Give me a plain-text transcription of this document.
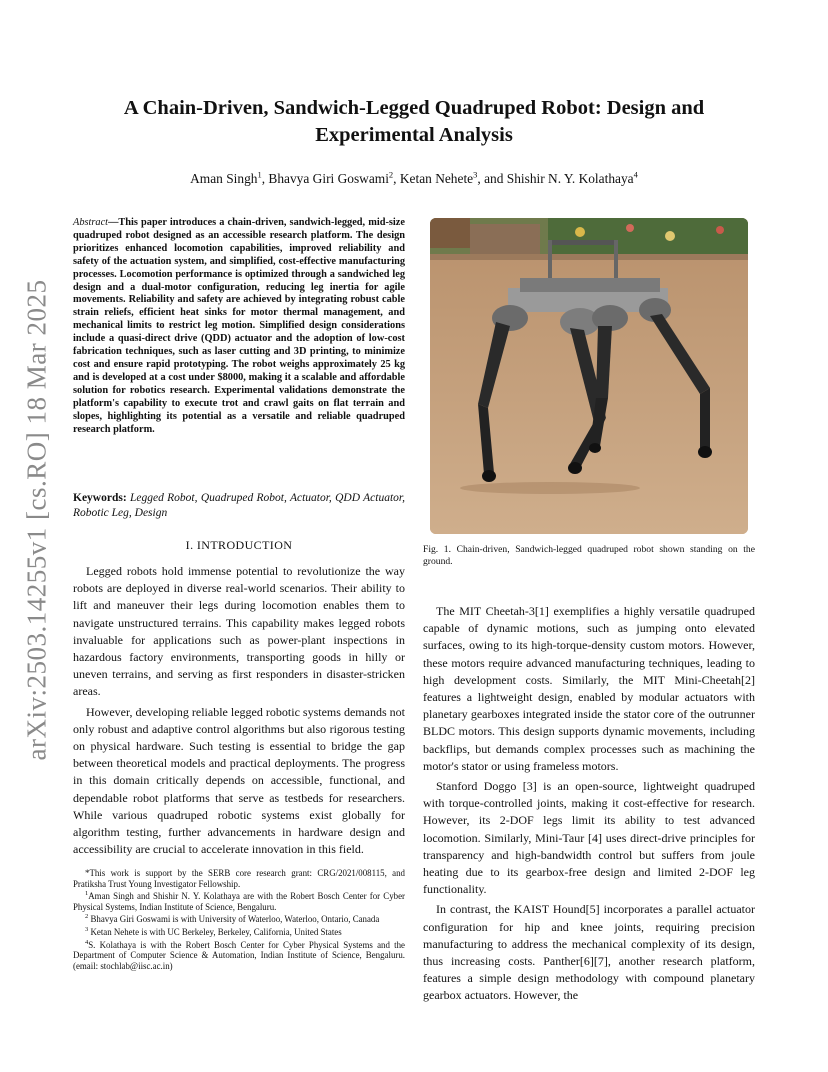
arXiv:2503.14255v1 [cs.RO] 18 Mar 2025
A Chain-Driven, Sandwich-Legged Quadruped Robot: Design and
Experimental Analysis
Aman Singh$^1$, Bhavya Giri Goswami$^2$, Ketan Nehete$^3$, and Shishir N. Y. Kolathaya$^4$
Abstract—This paper introduces a chain-driven, sandwich-legged, mid-size quadruped robot designed as an accessible research platform. The design prioritizes enhanced locomotion capabilities, improved reliability and safety of the actuation system, and simplified, cost-effective manufacturing processes. Locomotion performance is optimized through a sandwiched leg design and a dual-motor configuration, reducing leg inertia for agile movements. Reliability and safety are achieved by integrating robust cable strain reliefs, efficient heat sinks for motor thermal management, and mechanical limits to restrict leg motion. Simplified design considerations include a quasi-direct drive (QDD) actuator and the adoption of low-cost fabrication techniques, such as laser cutting and 3D printing, to minimize cost and ensure rapid prototyping. The robot weighs approximately 25 kg and is developed at a cost under $8000, making it a scalable and affordable solution for robotics research. Experimental validations demonstrate the platform's capability to execute trot and crawl gaits on flat terrain and slopes, highlighting its potential as a versatile and reliable quadruped research platform.
Keywords: Legged Robot, Quadruped Robot, Actuator, QDD Actuator, Robotic Leg, Design
I. INTRODUCTION

Legged robots hold immense potential to revolutionize the way robots are deployed in diverse real-world scenarios. Their ability to lift and maneuver their legs during locomotion enables them to navigate unstructured terrains. This capability makes legged robots invaluable for applications such as power-plant inspections in hazardous factory environments, transporting goods in hilly or uneven terrains, and serving as first responders in disaster-stricken areas.

However, developing reliable legged robotic systems demands not only robust and adaptive control algorithms but also rigorous testing on physical hardware. Such testing is essential to bridge the gap between theoretical models and practical deployments. The progress in this domain critically depends on accessible, functional, and dependable robot platforms that serve as testbeds for researchers. While various quadruped robotic systems exist globally for algorithm testing, further advancements in hardware design and accessibility are crucial to accelerate innovation in this field.

*This work is support by the SERB core research grant: CRG/2021/008115, and Pratiksha Trust Young Investigator Fellowship.

$^1$Aman Singh and Shishir N. Y. Kolathaya are with the Robert Bosch Center for Cyber Physical Systems, Indian Institute of Science, Bengaluru.

$^2$ Bhavya Giri Goswami is with University of Waterloo, Waterloo, Ontario, Canada

$^3$ Ketan Nehete is with UC Berkeley, Berkeley, California, United States

$^4$S. Kolathaya is with the Robert Bosch Center for Cyber Physical Systems and the Department of Computer Science & Automation, Indian Institute of Science, Bengaluru. (email: stochlab@iisc.ac.in)

Fig. 1. Chain-driven, Sandwich-legged quadruped robot shown standing on the ground.

The MIT Cheetah-3[1] exemplifies a highly versatile quadruped capable of dynamic motions, such as jumping onto elevated surfaces, owing to its high-torque-density custom motors. However, these motors require advanced manufacturing techniques, leading to high development costs. Similarly, the MIT Mini-Cheetah[2] features a lightweight design, enabled by modular actuators with planetary gearboxes integrated inside the stator core of the outrunner BLDC motors. This design supports dynamic movements, including backflips, but demands complex processes such as machining the motor's stator or using frameless motors.

Stanford Doggo [3] is an open-source, lightweight quadruped with torque-controlled joints, making it cost-effective for research. However, its 2-DOF legs limit its ability to test advanced locomotion. Similarly, Mini-Taur [4] uses direct-drive principles for transparency and high-bandwidth control but suffers from joule heating due to its gearbox-free design and limited 2-DOF leg functionality.

In contrast, the KAIST Hound[5] incorporates a parallel actuator configuration for hip and knee joints, requiring precision manufacturing to address the mechanical complexity of its design, thus increasing costs. Panther[6][7], another research platform, features a simple design methodology with compound planetary gearbox actuators. However, the
